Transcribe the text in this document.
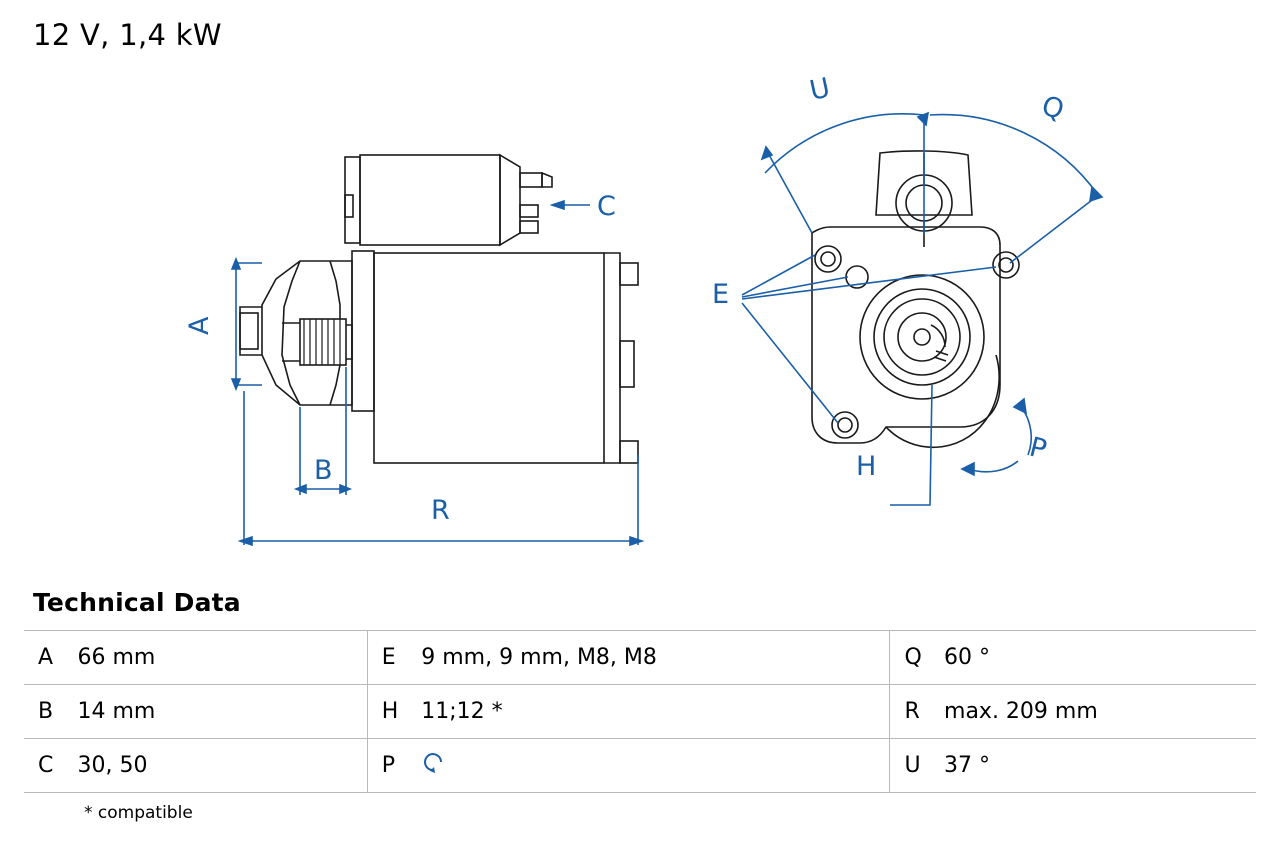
12 V, 1,4 kW
C
A
B
R
U
Q
E
H
P
Technical Data
A	66 mm	E	9 mm, 9 mm, M8, M8	Q	60 °
B	14 mm	H	11;12 *	R	max. 209 mm
C	30, 50	P		U	37 °
* compatible
